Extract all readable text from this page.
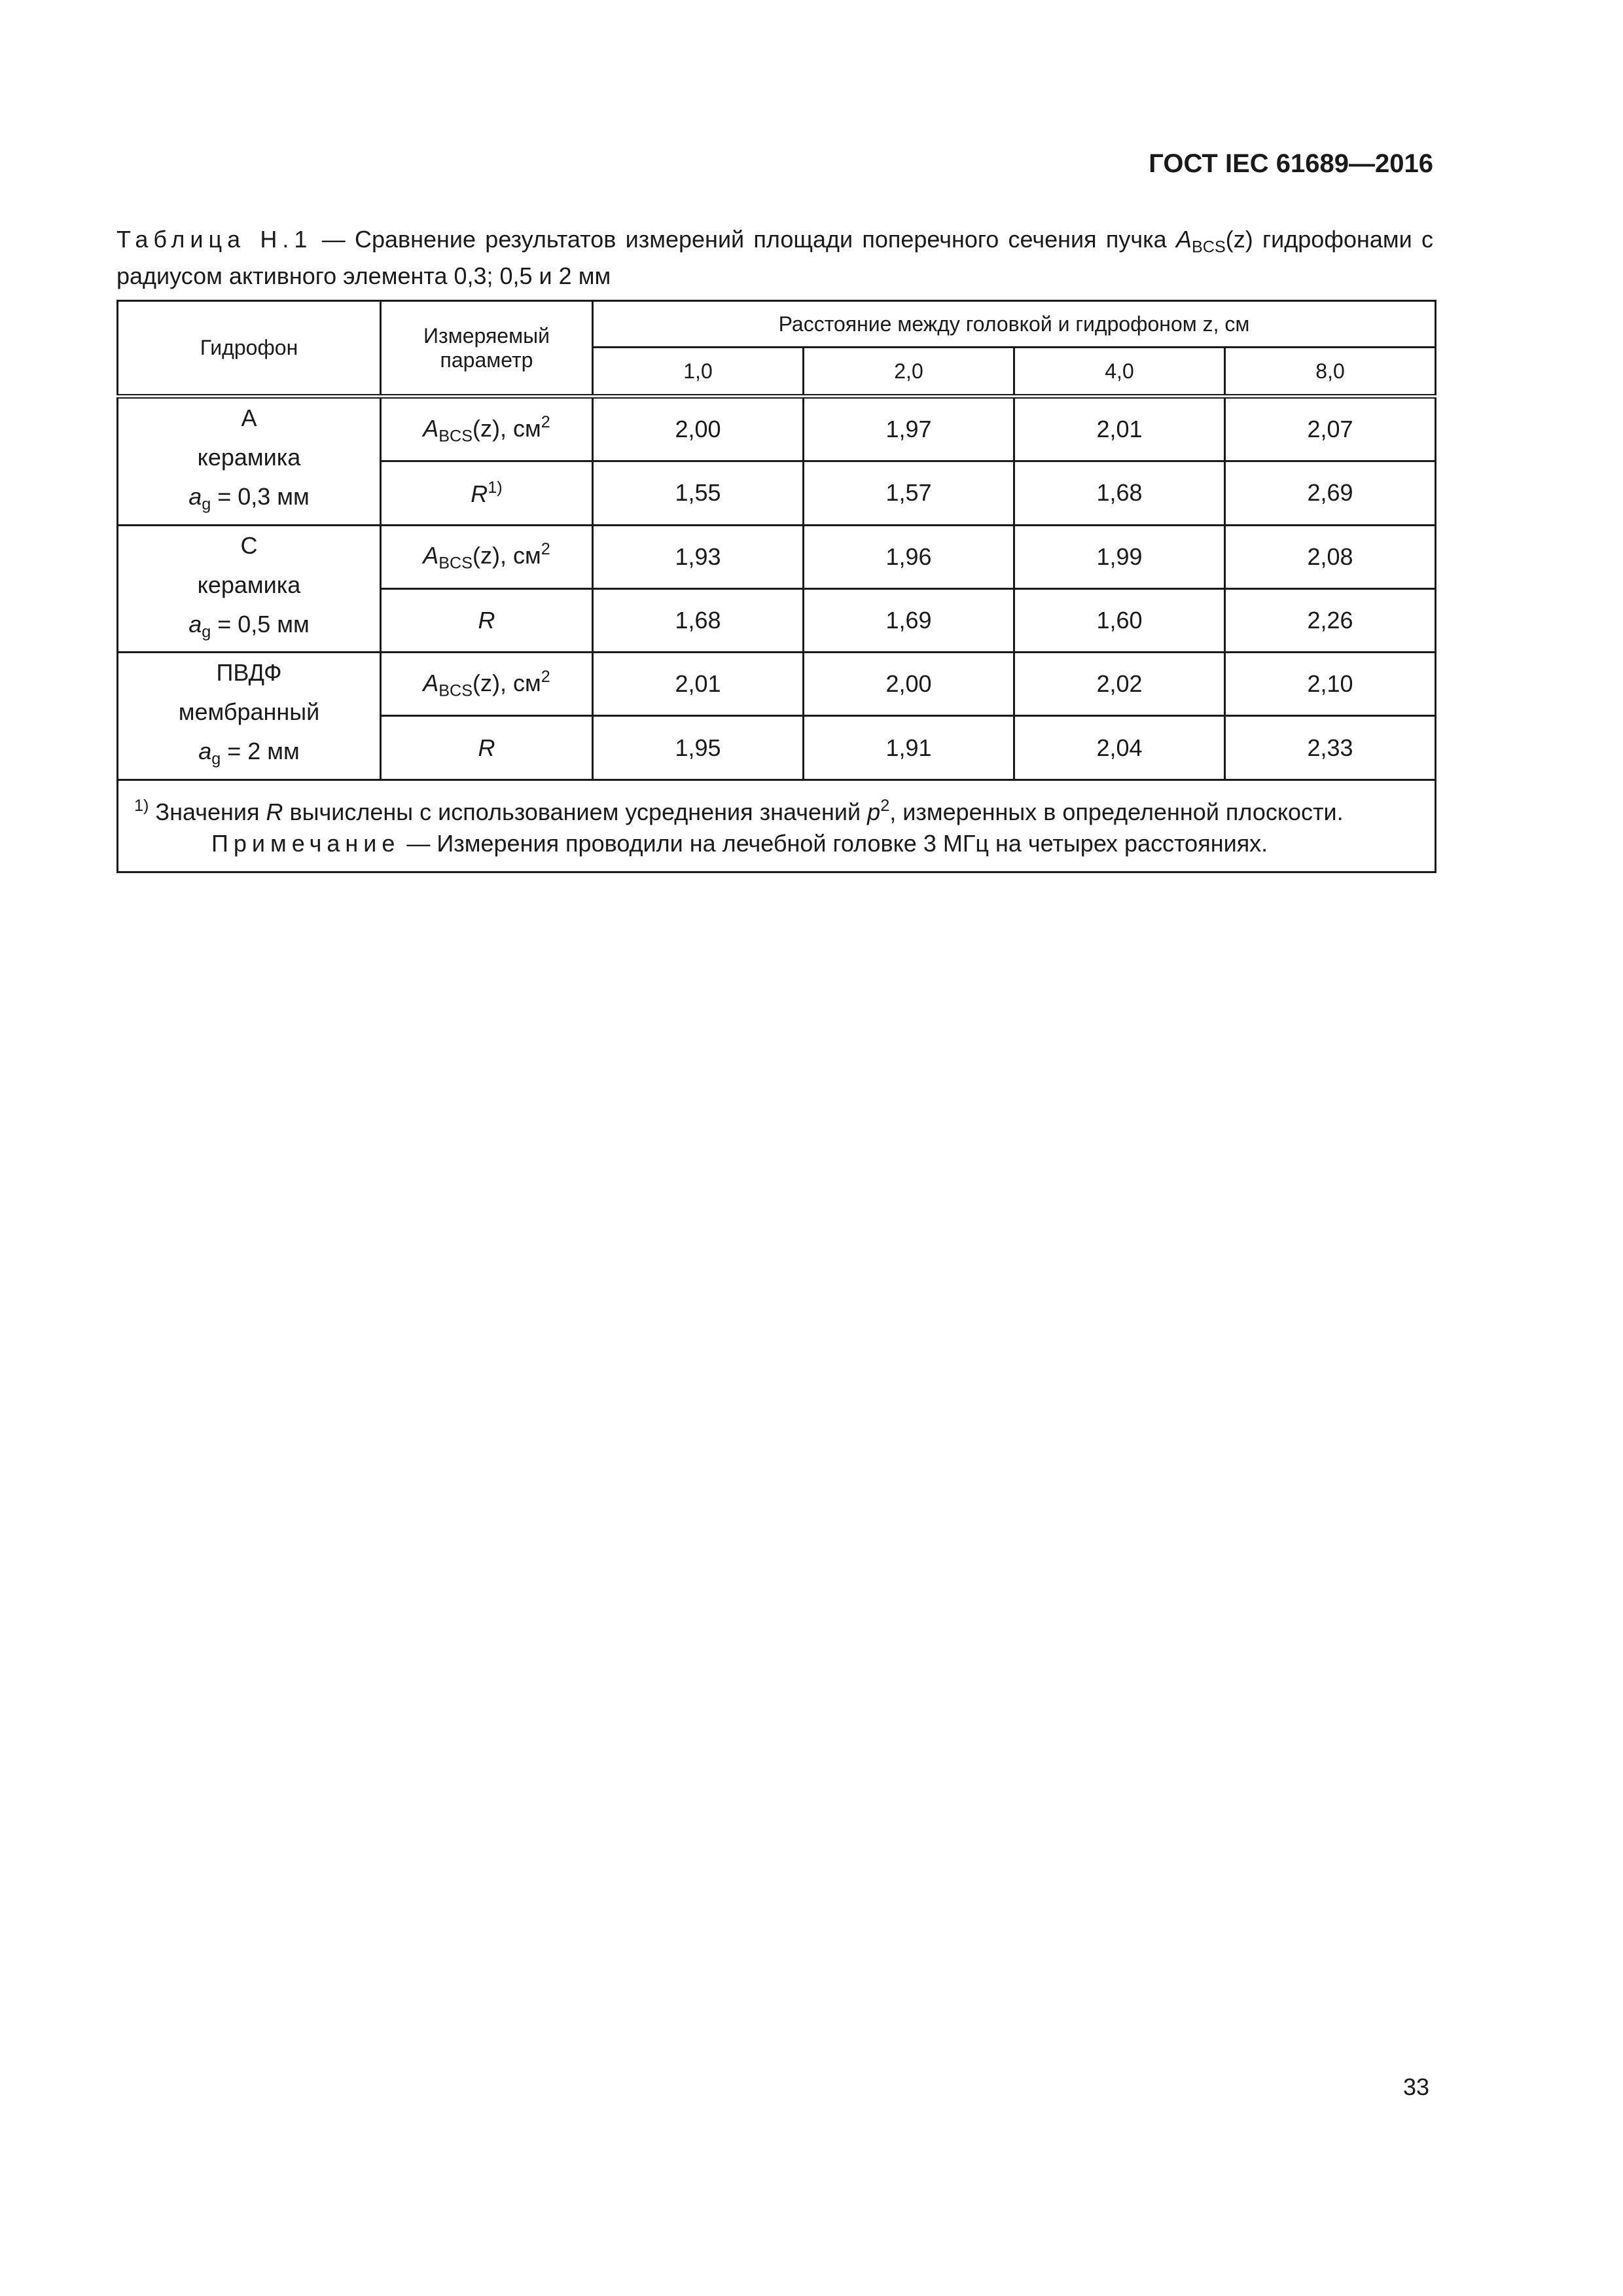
ГОСТ IEC 61689—2016

Таблица Н.1 — Сравнение результатов измерений площади поперечного сечения пучка $A_{BCS}(z)$ гидрофонами с радиусом активного элемента 0,3; 0,5 и 2 мм
Гидрофон	Измеряемый параметр	Расстояние между головкой и гидрофоном z, см			
		1,0	2,0	4,0	8,0

А
керамика
$a_g = 0,3$ мм	$A_{BCS}(z)$, $см^2$	2,00	1,97	2,01	2,07
	$R^{1)}$	1,55	1,57	1,68	2,69

С
керамика
$a_g = 0,5$ мм	$A_{BCS}(z)$, $см^2$	1,93	1,96	1,99	2,08
	R	1,68	1,69	1,60	2,26

ПВДФ
мембранный
$a_g = 2$ мм	$A_{BCS}(z)$, $см^2$	2,01	2,00	2,02	2,10
	R	1,95	1,91	2,04	2,33

$^{1)}$ Значения R вычислены с использованием усреднения значений $p^2$, измеренных в определенной плоскости.
Примечание — Измерения проводили на лечебной головке 3 МГц на четырех расстояниях.					

33
